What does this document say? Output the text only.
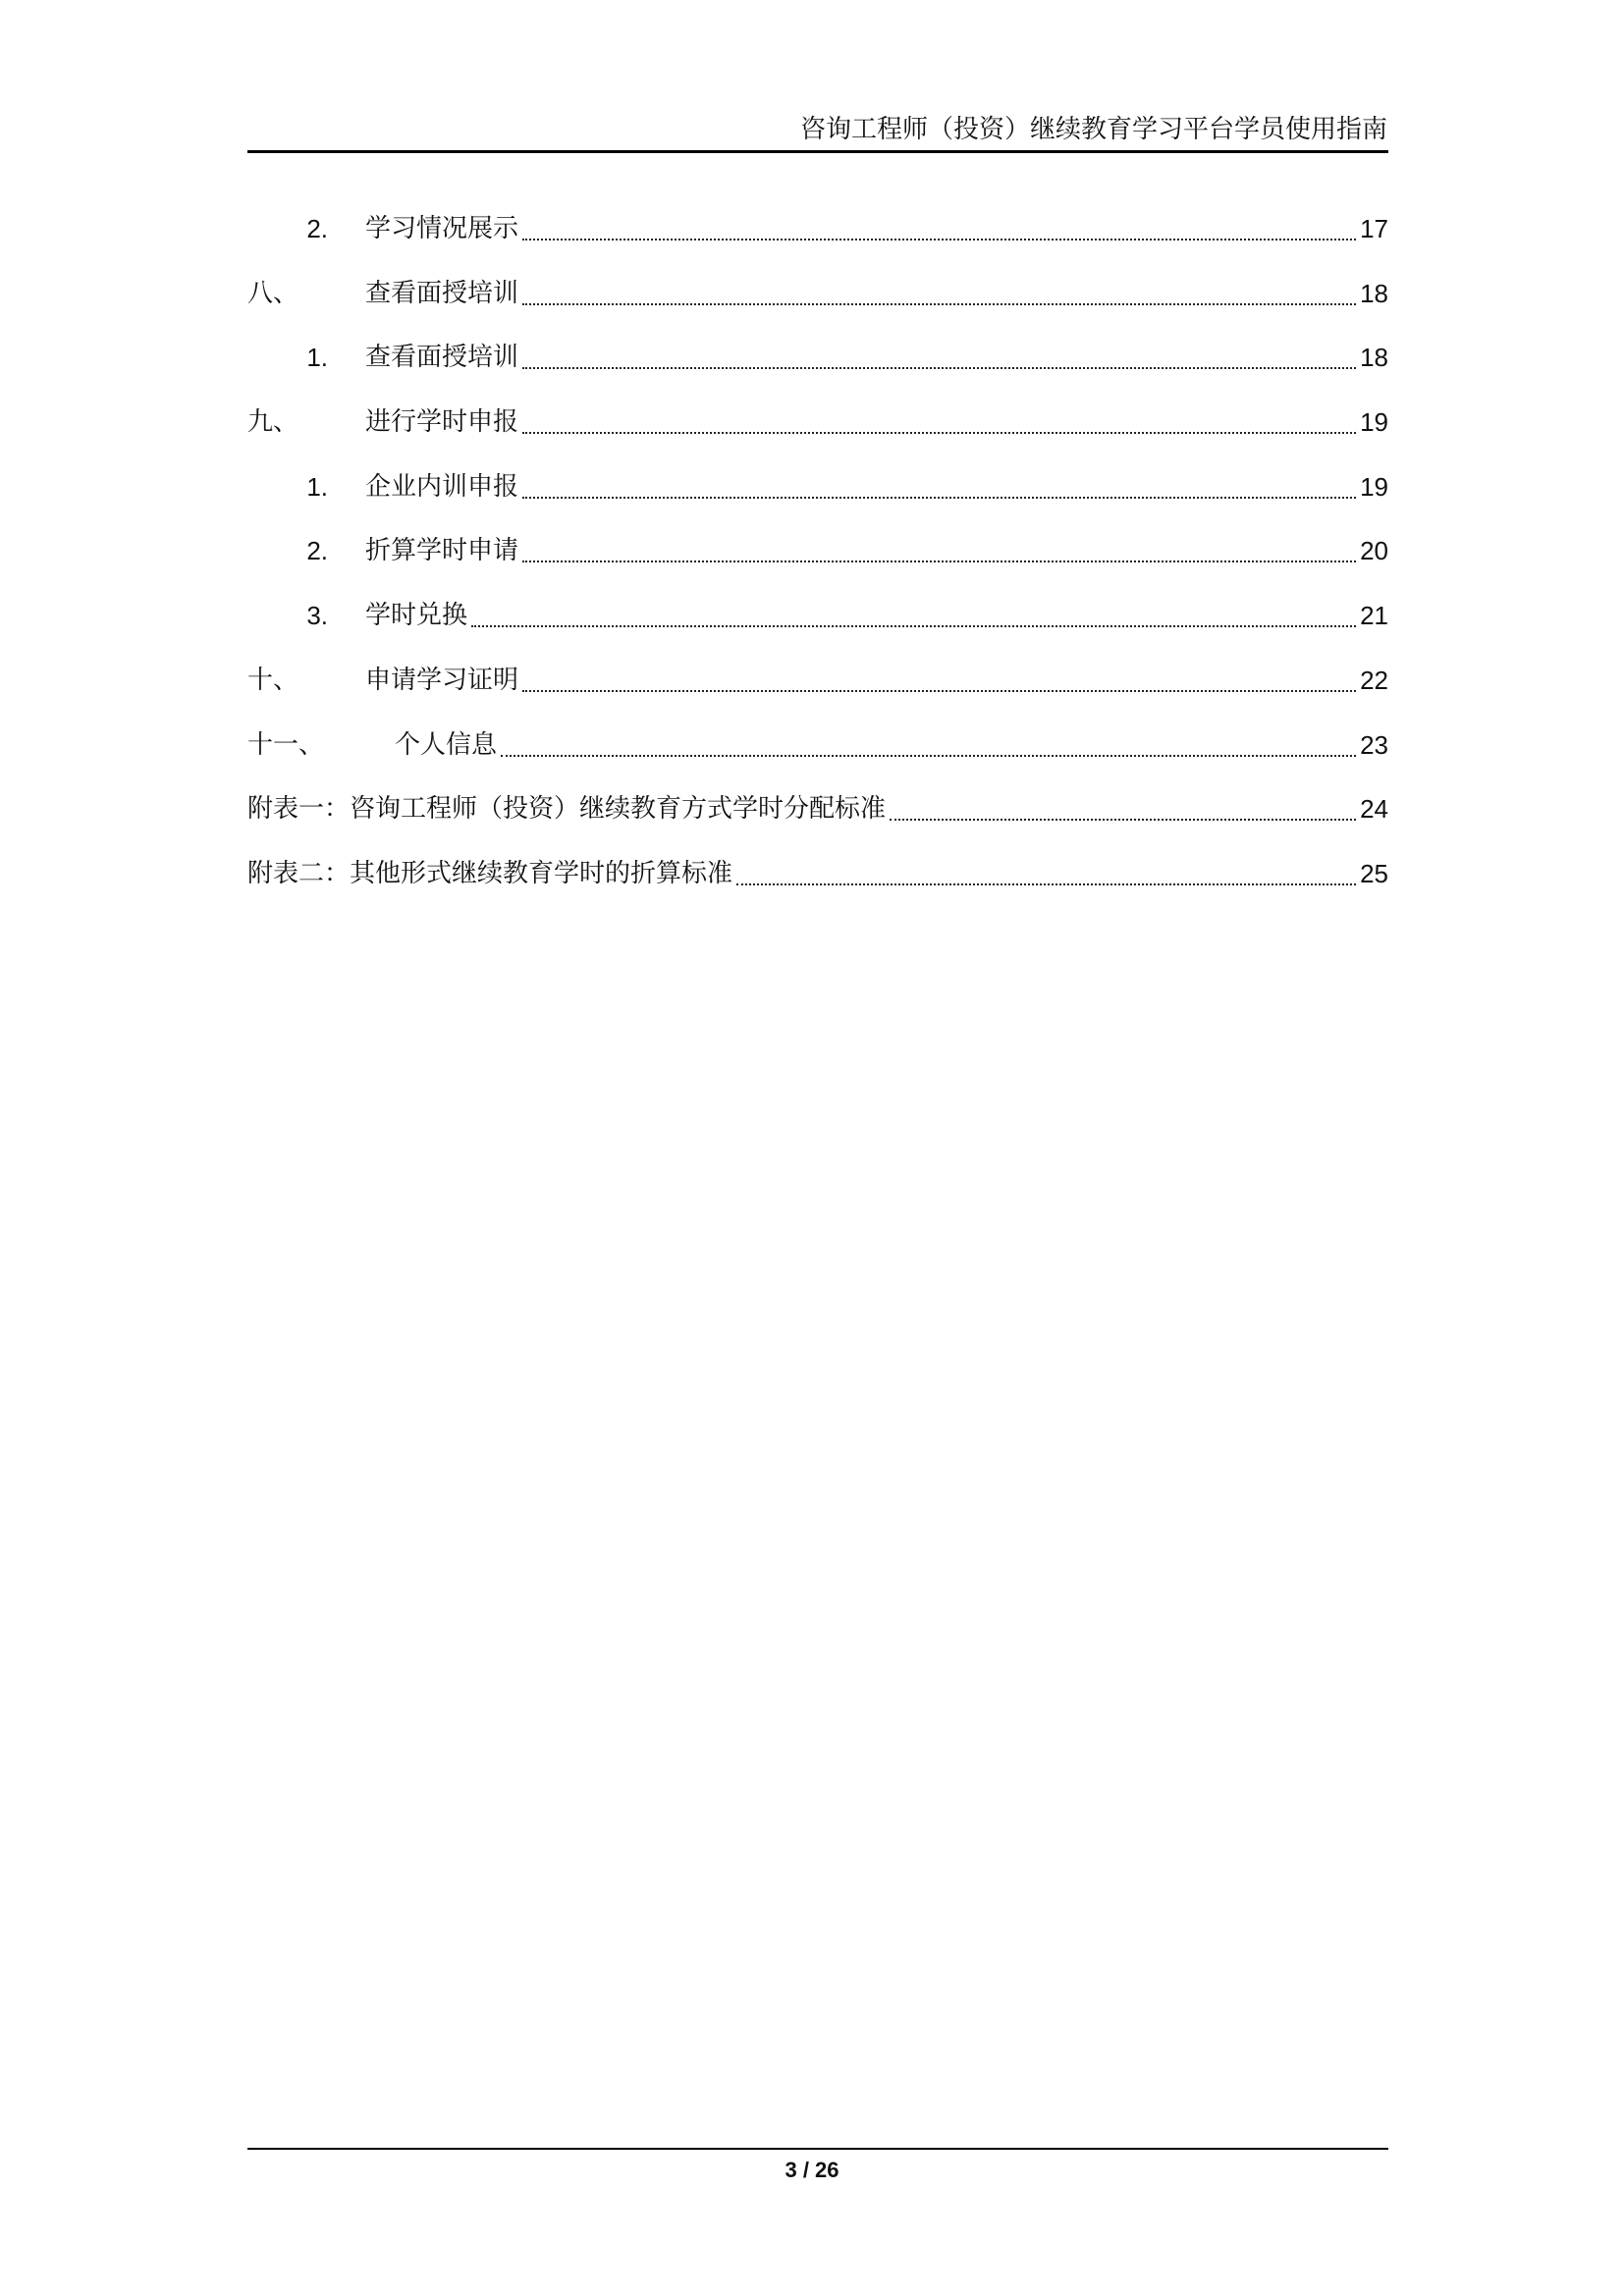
咨询工程师（投资）继续教育学习平台学员使用指南
2.	学习情况展示	17
八、	查看面授培训	18
1.	查看面授培训	18
九、	进行学时申报	19
1.	企业内训申报	19
2.	折算学时申请	20
3.	学时兑换	21
十、	申请学习证明	22
十一、	个人信息	23
附表一：咨询工程师（投资）继续教育方式学时分配标准	24
附表二：其他形式继续教育学时的折算标准	25
3 / 26
